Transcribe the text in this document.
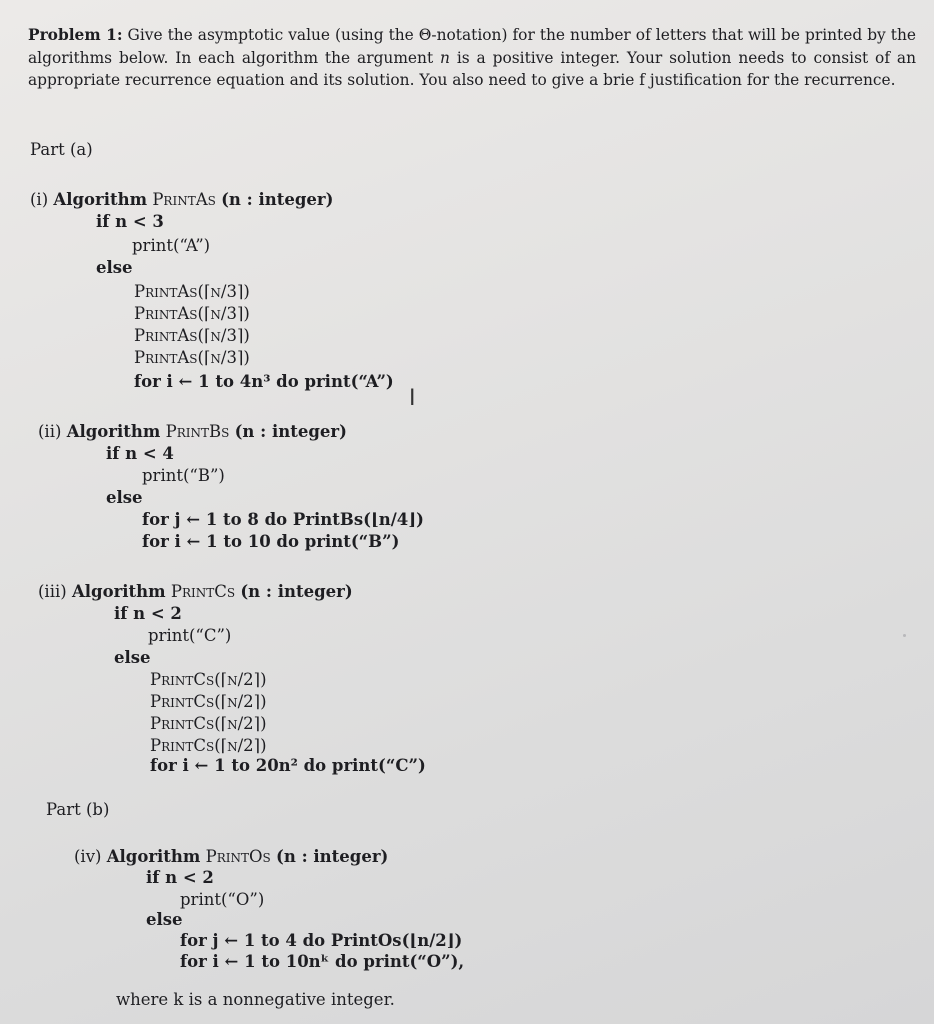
Problem 1: Give the asymptotic value (using the Θ-notation) for the number of letters that will be printed by the algorithms below. In each algorithm the argument n is a positive integer. Your solution needs to consist of an appropriate recurrence equation and its solution. You also need to give a brie f justification for the recurrence.
Part (a)
(i) Algorithm PrintAs (n : integer)
if n < 3
print(“A”)
else
PrintAs(⌈n/3⌉)
PrintAs(⌈n/3⌉)
PrintAs(⌈n/3⌉)
PrintAs(⌈n/3⌉)
for i ← 1 to 4n³ do print(“A”)
I
(ii) Algorithm PrintBs (n : integer)
if n < 4
print(“B”)
else
for j ← 1 to 8 do PrintBs(⌊n/4⌋)
for i ← 1 to 10 do print(“B”)
(iii) Algorithm PrintCs (n : integer)
if n < 2
print(“C”)
else
PrintCs(⌈n/2⌉)
PrintCs(⌈n/2⌉)
PrintCs(⌈n/2⌉)
PrintCs(⌈n/2⌉)
for i ← 1 to 20n² do print(“C”)
Part (b)
(iv) Algorithm PrintOs (n : integer)
if n < 2
print(“O”)
else
for j ← 1 to 4 do PrintOs(⌊n/2⌋)
for i ← 1 to 10nᵏ do print(“O”),
where k is a nonnegative integer.
